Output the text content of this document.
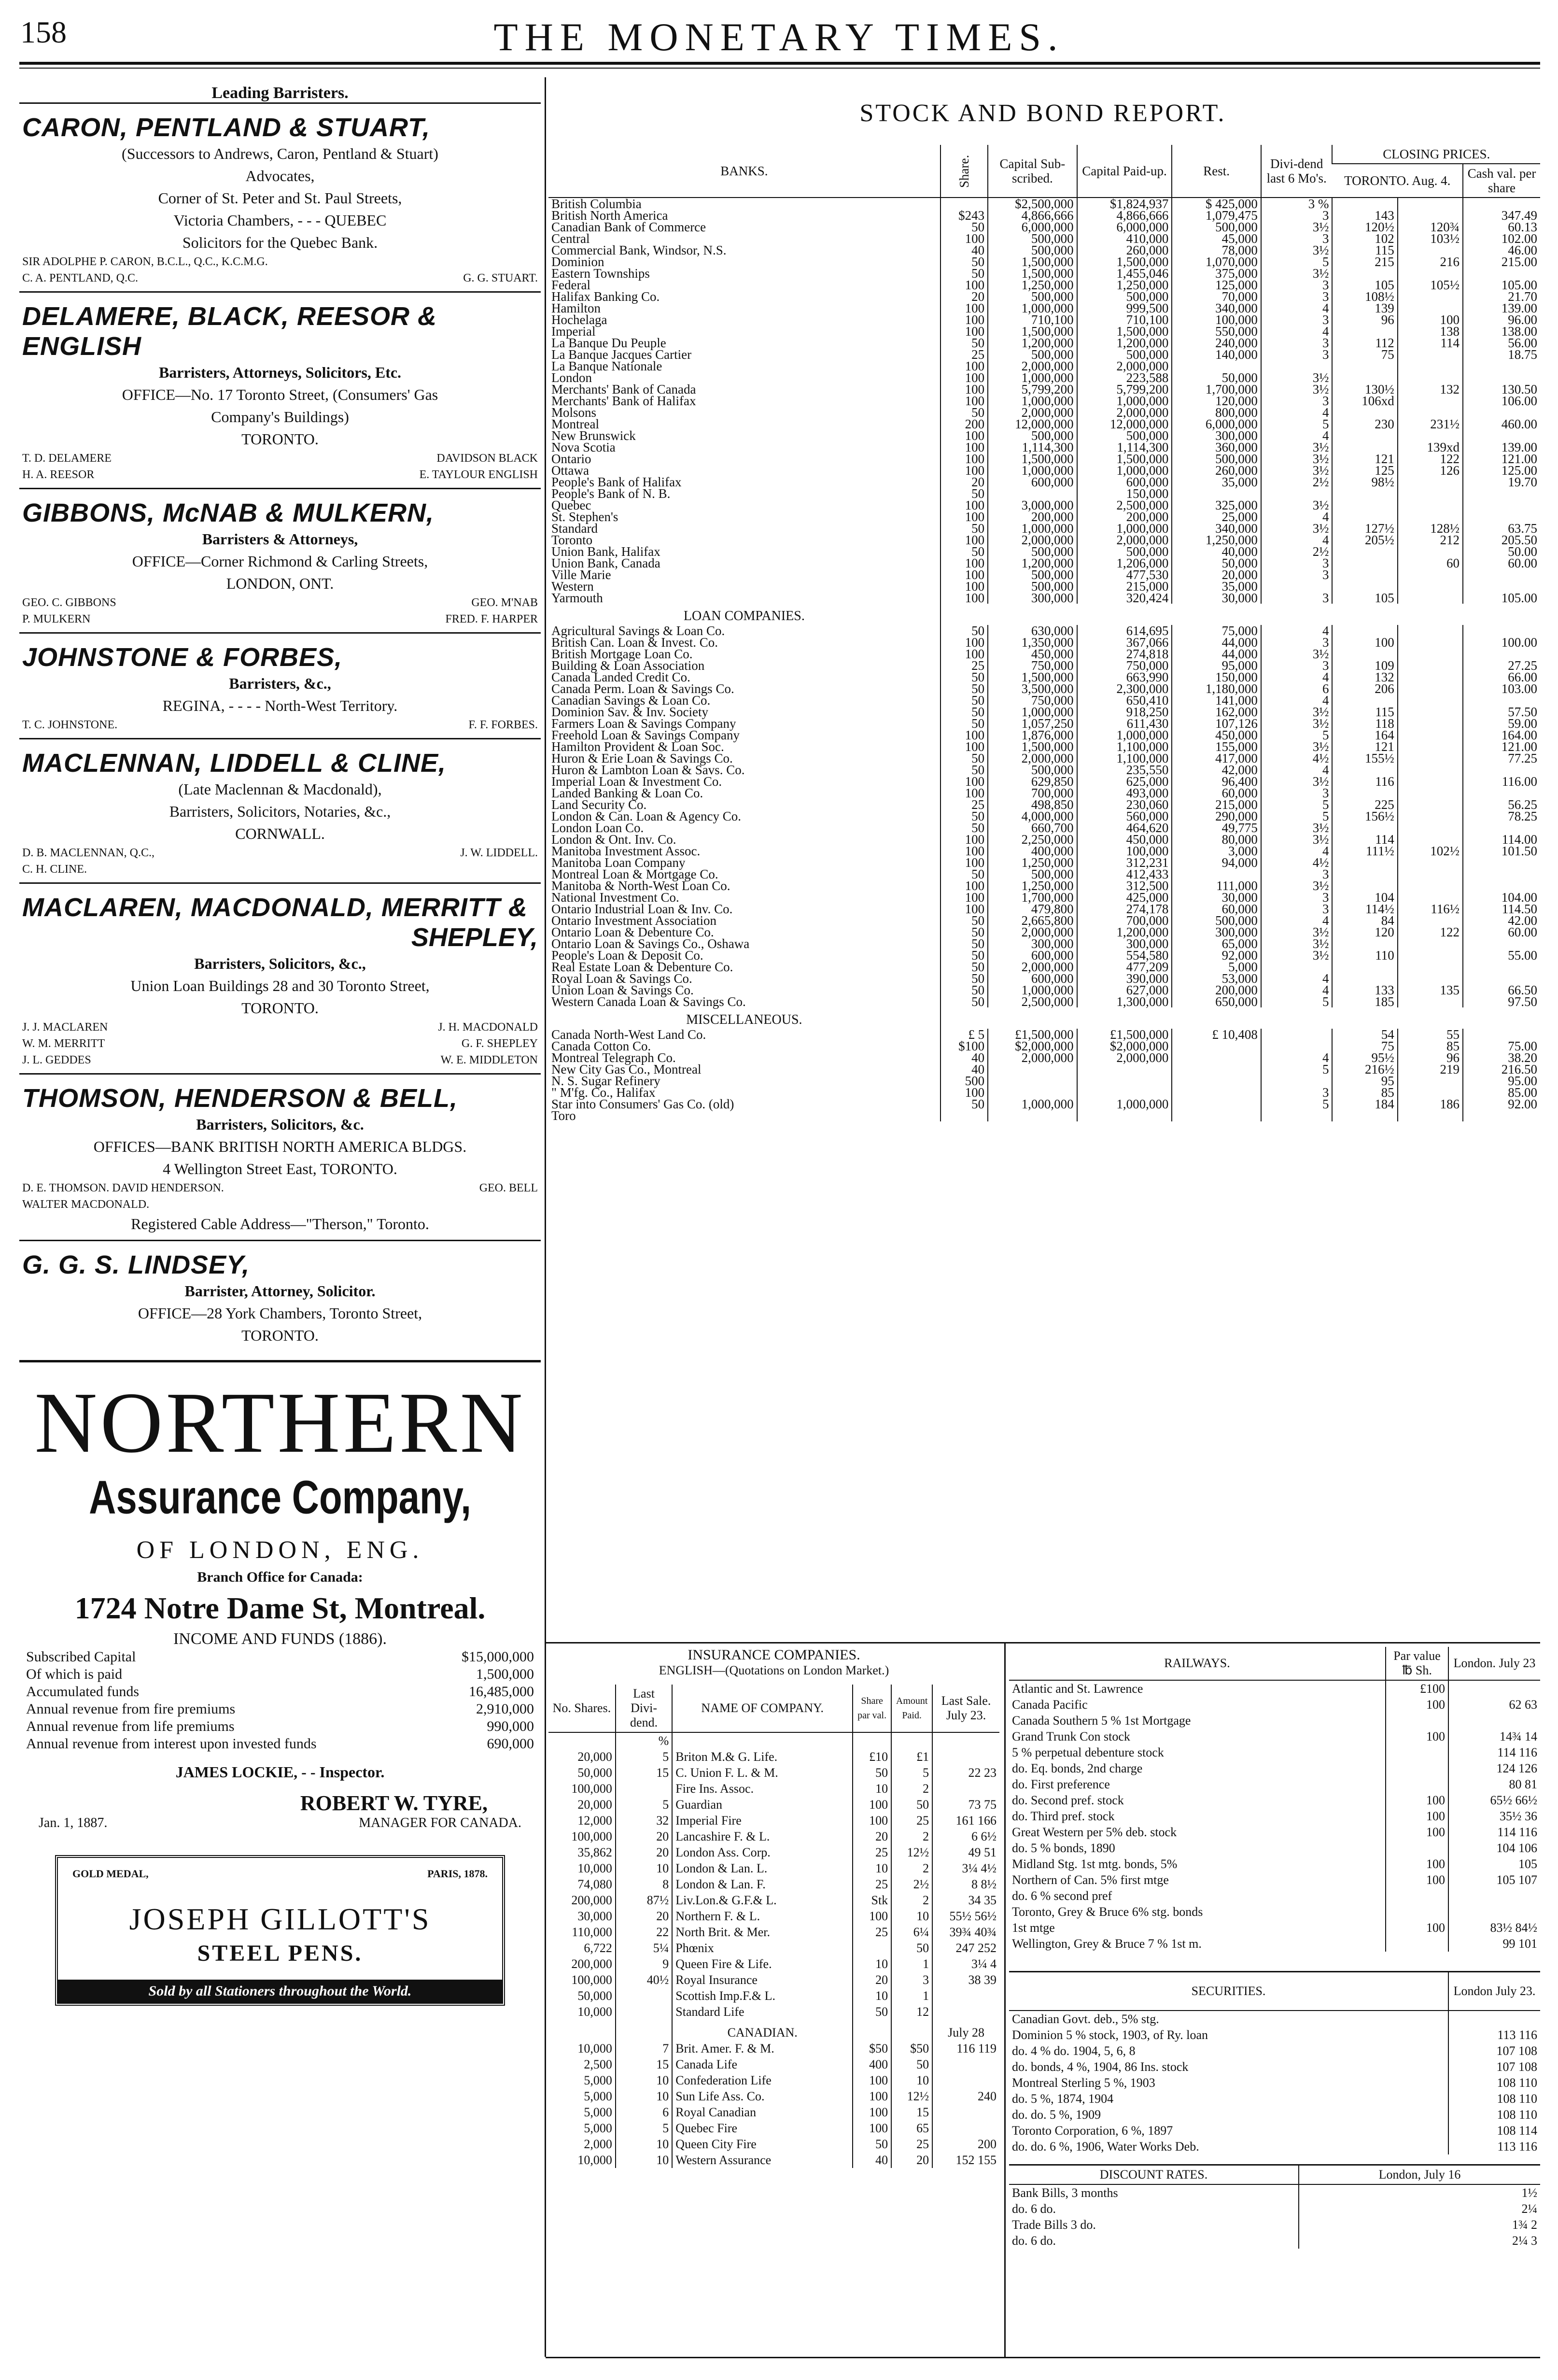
158	THE MONETARY TIMES.
Leading Barristers.
CARON, PENTLAND & STUART,
(Successors to Andrews, Caron, Pentland & Stuart)
Advocates,
Corner of St. Peter and St. Paul Streets,
Victoria Chambers, - - - QUEBEC
Solicitors for the Quebec Bank.
SIR ADOLPHE P. CARON, B.C.L., Q.C., K.C.M.G.
C. A. PENTLAND, Q.C.	G. G. STUART.
DELAMERE, BLACK, REESOR & ENGLISH
Barristers, Attorneys, Solicitors, Etc.
OFFICE—No. 17 Toronto Street, (Consumers' Gas
Company's Buildings)
TORONTO.
T. D. DELAMERE	DAVIDSON BLACK
H. A. REESOR	E. TAYLOUR ENGLISH
GIBBONS, McNAB & MULKERN,
Barristers & Attorneys,
OFFICE—Corner Richmond & Carling Streets,
LONDON, ONT.
GEO. C. GIBBONS	GEO. M'NAB
P. MULKERN	FRED. F. HARPER
JOHNSTONE & FORBES,
Barristers, &c.,
REGINA, - - - - North-West Territory.
T. C. JOHNSTONE.	F. F. FORBES.
MACLENNAN, LIDDELL & CLINE,
(Late Maclennan & Macdonald),
Barristers, Solicitors, Notaries, &c.,
CORNWALL.
D. B. MACLENNAN, Q.C.,	J. W. LIDDELL.
C. H. CLINE.
MACLAREN, MACDONALD, MERRITT &
SHEPLEY,
Barristers, Solicitors, &c.,
Union Loan Buildings 28 and 30 Toronto Street,
TORONTO.
J. J. MACLAREN	J. H. MACDONALD
W. M. MERRITT	G. F. SHEPLEY
J. L. GEDDES	W. E. MIDDLETON
THOMSON, HENDERSON & BELL,
Barristers, Solicitors, &c.
OFFICES—BANK BRITISH NORTH AMERICA BLDGS.
4 Wellington Street East, TORONTO.
D. E. THOMSON. DAVID HENDERSON.	GEO. BELL
WALTER MACDONALD.
Registered Cable Address—"Therson," Toronto.
G. G. S. LINDSEY,
Barrister, Attorney, Solicitor.
OFFICE—28 York Chambers, Toronto Street,
TORONTO.
NORTHERN
Assurance Company,
OF LONDON, ENG.
Branch Office for Canada:
1724 Notre Dame St, Montreal.
INCOME AND FUNDS (1886).
Subscribed Capital	$15,000,000
Of which is paid	1,500,000
Accumulated funds	16,485,000
Annual revenue from fire premiums	2,910,000
Annual revenue from life premiums	990,000
Annual revenue from interest upon invested funds	690,000
JAMES LOCKIE, - - Inspector.
ROBERT W. TYRE,
Jan. 1, 1887.	MANAGER FOR CANADA.
GOLD MEDAL,	PARIS, 1878.
JOSEPH GILLOTT'S
STEEL PENS.
Sold by all Stationers throughout the World.
STOCK AND BOND REPORT.
BANKS.	Share.	Capital Sub-scribed.	Capital Paid-up.	Rest.	Divi-dend last 6 Mo's.	CLOSING PRICES.		
						TORONTO. Aug. 4.		Cash val. per share
British Columbia		$2,500,000	$1,824,937	$ 425,000	3 %			
British North America	$243	4,866,666	4,866,666	1,079,475	3	143		347.49
Canadian Bank of Commerce	50	6,000,000	6,000,000	500,000	3½	120½	120¾	60.13
Central	100	500,000	410,000	45,000	3	102	103½	102.00
Commercial Bank, Windsor, N.S.	40	500,000	260,000	78,000	3½	115		46.00
Dominion	50	1,500,000	1,500,000	1,070,000	5	215	216	215.00
Eastern Townships	50	1,500,000	1,455,046	375,000	3½			
Federal	100	1,250,000	1,250,000	125,000	3	105	105½	105.00
Halifax Banking Co.	20	500,000	500,000	70,000	3	108½		21.70
Hamilton	100	1,000,000	999,500	340,000	4	139		139.00
Hochelaga	100	710,100	710,100	100,000	3	96	100	96.00
Imperial	100	1,500,000	1,500,000	550,000	4		138	138.00
La Banque Du Peuple	50	1,200,000	1,200,000	240,000	3	112	114	56.00
La Banque Jacques Cartier	25	500,000	500,000	140,000	3	75		18.75
La Banque Nationale	100	2,000,000	2,000,000					
London	100	1,000,000	223,588	50,000	3½			
Merchants' Bank of Canada	100	5,799,200	5,799,200	1,700,000	3½	130½	132	130.50
Merchants' Bank of Halifax	100	1,000,000	1,000,000	120,000	3	106xd		106.00
Molsons	50	2,000,000	2,000,000	800,000	4			
Montreal	200	12,000,000	12,000,000	6,000,000	5	230	231½	460.00
New Brunswick	100	500,000	500,000	300,000	4			
Nova Scotia	100	1,114,300	1,114,300	360,000	3½		139xd	139.00
Ontario	100	1,500,000	1,500,000	500,000	3½	121	122	121.00
Ottawa	100	1,000,000	1,000,000	260,000	3½	125	126	125.00
People's Bank of Halifax	20	600,000	600,000	35,000	2½	98½		19.70
People's Bank of N. B.	50		150,000					
Quebec	100	3,000,000	2,500,000	325,000	3½			
St. Stephen's	100	200,000	200,000	25,000	4			
Standard	50	1,000,000	1,000,000	340,000	3½	127½	128½	63.75
Toronto	100	2,000,000	2,000,000	1,250,000	4	205½	212	205.50
Union Bank, Halifax	50	500,000	500,000	40,000	2½			50.00
Union Bank, Canada	100	1,200,000	1,206,000	50,000	3		60	60.00
Ville Marie	100	500,000	477,530	20,000	3			
Western	100	500,000	215,000	35,000				
Yarmouth	100	300,000	320,424	30,000	3	105		105.00
LOAN COMPANIES.								
Agricultural Savings & Loan Co.	50	630,000	614,695	75,000	4			
British Can. Loan & Invest. Co.	100	1,350,000	367,066	44,000	3	100		100.00
British Mortgage Loan Co.	100	450,000	274,818	44,000	3½			
Building & Loan Association	25	750,000	750,000	95,000	3	109		27.25
Canada Landed Credit Co.	50	1,500,000	663,990	150,000	4	132		66.00
Canada Perm. Loan & Savings Co.	50	3,500,000	2,300,000	1,180,000	6	206		103.00
Canadian Savings & Loan Co.	50	750,000	650,410	141,000	4			
Dominion Sav. & Inv. Society	50	1,000,000	918,250	162,000	3½	115		57.50
Farmers Loan & Savings Company	50	1,057,250	611,430	107,126	3½	118		59.00
Freehold Loan & Savings Company	100	1,876,000	1,000,000	450,000	5	164		164.00
Hamilton Provident & Loan Soc.	100	1,500,000	1,100,000	155,000	3½	121		121.00
Huron & Erie Loan & Savings Co.	50	2,000,000	1,100,000	417,000	4½	155½		77.25
Huron & Lambton Loan & Savs. Co.	50	500,000	235,550	42,000	4			
Imperial Loan & Investment Co.	100	629,850	625,000	96,400	3½	116		116.00
Landed Banking & Loan Co.	100	700,000	493,000	60,000	3			
Land Security Co.	25	498,850	230,060	215,000	5	225		56.25
London & Can. Loan & Agency Co.	50	4,000,000	560,000	290,000	5	156½		78.25
London Loan Co.	50	660,700	464,620	49,775	3½			
London & Ont. Inv. Co.	100	2,250,000	450,000	80,000	3½	114		114.00
Manitoba Investment Assoc.	100	400,000	100,000	3,000	4	111½	102½	101.50
Manitoba Loan Company	100	1,250,000	312,231	94,000	4½			
Montreal Loan & Mortgage Co.	50	500,000	412,433		3			
Manitoba & North-West Loan Co.	100	1,250,000	312,500	111,000	3½			
National Investment Co.	100	1,700,000	425,000	30,000	3	104		104.00
Ontario Industrial Loan & Inv. Co.	100	479,800	274,178	60,000	3	114½	116½	114.50
Ontario Investment Association	50	2,665,800	700,000	500,000	4	84		42.00
Ontario Loan & Debenture Co.	50	2,000,000	1,200,000	300,000	3½	120	122	60.00
Ontario Loan & Savings Co., Oshawa	50	300,000	300,000	65,000	3½			
People's Loan & Deposit Co.	50	600,000	554,580	92,000	3½	110		55.00
Real Estate Loan & Debenture Co.	50	2,000,000	477,209	5,000				
Royal Loan & Savings Co.	50	600,000	390,000	53,000	4			
Union Loan & Savings Co.	50	1,000,000	627,000	200,000	4	133	135	66.50
Western Canada Loan & Savings Co.	50	2,500,000	1,300,000	650,000	5	185		97.50
MISCELLANEOUS.								
Canada North-West Land Co.	£ 5	£1,500,000	£1,500,000	£ 10,408		54	55	
Canada Cotton Co.	$100	$2,000,000	$2,000,000			75	85	75.00
Montreal Telegraph Co.	40	2,000,000	2,000,000		4	95½	96	38.20
New City Gas Co., Montreal	40				5	216½	219	216.50
N. S. Sugar Refinery	500					95		95.00
" M'fg. Co., Halifax	100				3	85		85.00
Star into Consumers' Gas Co. (old)	50	1,000,000	1,000,000		5	184	186	92.00
Toro								
INSURANCE COMPANIES.
ENGLISH—(Quotations on London Market.)
No. Shares.	Last Divi-dend.	NAME OF COMPANY.	Share par val.	Amount Paid.	Last Sale. July 23.
	%				
20,000	5	Briton M.& G. Life.	£10	£1	
50,000	15	C. Union F. L. & M.	50	5	22 23
100,000		Fire Ins. Assoc.	10	2	
20,000	5	Guardian	100	50	73 75
12,000	32	Imperial Fire	100	25	161 166
100,000	20	Lancashire F. & L.	20	2	6 6½
35,862	20	London Ass. Corp.	25	12½	49 51
10,000	10	London & Lan. L.	10	2	3¼ 4½
74,080	8	London & Lan. F.	25	2½	8 8½
200,000	87½	Liv.Lon.& G.F.& L.	Stk	2	34 35
30,000	20	Northern F. & L.	100	10	55½ 56½
110,000	22	North Brit. & Mer.	25	6¼	39¾ 40¾
6,722	5¼	Phœnix		50	247 252
200,000	9	Queen Fire & Life.	10	1	3¼ 4
100,000	40½	Royal Insurance	20	3	38 39
50,000		Scottish Imp.F.& L.	10	1	
10,000		Standard Life	50	12	
		CANADIAN.			July 28
10,000	7	Brit. Amer. F. & M.	$50	$50	116 119
2,500	15	Canada Life	400	50	
5,000	10	Confederation Life	100	10	
5,000	10	Sun Life Ass. Co.	100	12½	240
5,000	6	Royal Canadian	100	15	
5,000	5	Quebec Fire	100	65	
2,000	10	Queen City Fire	50	25	200
10,000	10	Western Assurance	40	20	152 155
RAILWAYS.	Par value ℔ Sh.	London. July 23
Atlantic and St. Lawrence	£100	
Canada Pacific	100	62 63
Canada Southern 5 % 1st Mortgage		
Grand Trunk Con stock	100	14¾ 14
5 % perpetual debenture stock		114 116
do. Eq. bonds, 2nd charge		124 126
do. First preference		80 81
do. Second pref. stock	100	65½ 66½
do. Third pref. stock	100	35½ 36
Great Western per 5% deb. stock	100	114 116
do. 5 % bonds, 1890		104 106
Midland Stg. 1st mtg. bonds, 5%	100	105
Northern of Can. 5% first mtge	100	105 107
do. 6 % second pref		
Toronto, Grey & Bruce 6% stg. bonds		
1st mtge	100	83½ 84½
Wellington, Grey & Bruce 7 % 1st m.		99 101
SECURITIES.	London July 23.
Canadian Govt. deb., 5% stg.	
Dominion 5 % stock, 1903, of Ry. loan	113 116
do. 4 % do. 1904, 5, 6, 8	107 108
do. bonds, 4 %, 1904, 86 Ins. stock	107 108
Montreal Sterling 5 %, 1903	108 110
do. 5 %, 1874, 1904	108 110
do. do. 5 %, 1909	108 110
Toronto Corporation, 6 %, 1897	108 114
do. do. 6 %, 1906, Water Works Deb.	113 116
DISCOUNT RATES.	London, July 16
Bank Bills, 3 months	1½
do. 6 do.	2¼
Trade Bills 3 do.	1¾ 2
do. 6 do.	2¼ 3
